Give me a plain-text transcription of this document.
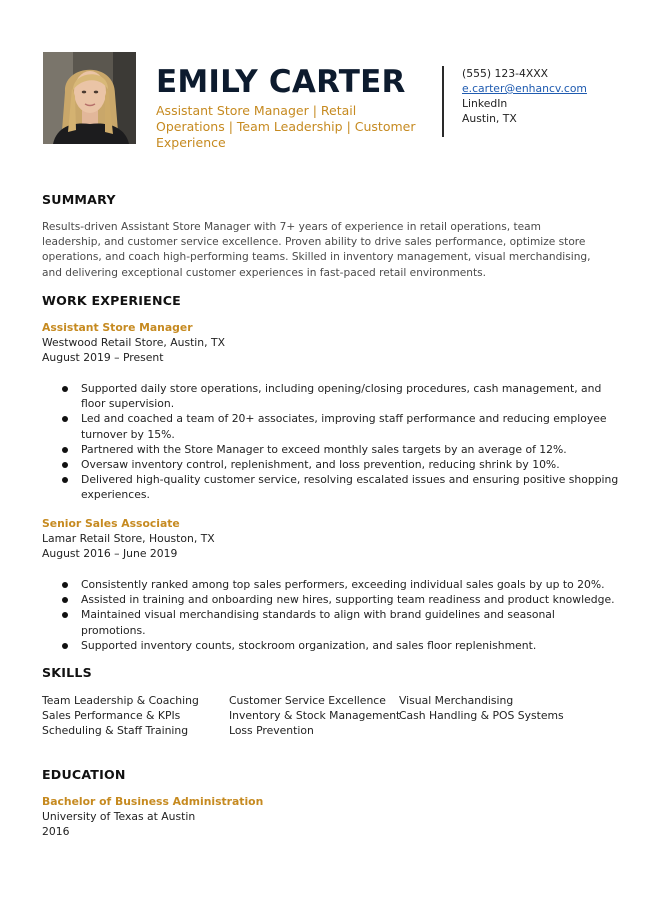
EMILY CARTER
Assistant Store Manager | Retail Operations | Team Leadership | Customer Experience
(555) 123-4XXX
e.carter@enhancv.com
LinkedIn
Austin, TX
SUMMARY
Results-driven Assistant Store Manager with 7+ years of experience in retail operations, team leadership, and customer service excellence. Proven ability to drive sales performance, optimize store operations, and coach high-performing teams. Skilled in inventory management, visual merchandising, and delivering exceptional customer experiences in fast-paced retail environments.
WORK EXPERIENCE
Assistant Store Manager
Westwood Retail Store, Austin, TX
August 2019 – Present
Supported daily store operations, including opening/closing procedures, cash management, and floor supervision.
Led and coached a team of 20+ associates, improving staff performance and reducing employee turnover by 15%.
Partnered with the Store Manager to exceed monthly sales targets by an average of 12%.
Oversaw inventory control, replenishment, and loss prevention, reducing shrink by 10%.
Delivered high-quality customer service, resolving escalated issues and ensuring positive shopping experiences.
Senior Sales Associate
Lamar Retail Store, Houston, TX
August 2016 – June 2019
Consistently ranked among top sales performers, exceeding individual sales goals by up to 20%.
Assisted in training and onboarding new hires, supporting team readiness and product knowledge.
Maintained visual merchandising standards to align with brand guidelines and seasonal promotions.
Supported inventory counts, stockroom organization, and sales floor replenishment.
SKILLS
Team Leadership & Coaching
Sales Performance & KPIs
Scheduling & Staff Training
Customer Service Excellence
Inventory & Stock Management
Loss Prevention
Visual Merchandising
Cash Handling & POS Systems
EDUCATION
Bachelor of Business Administration
University of Texas at Austin
2016
